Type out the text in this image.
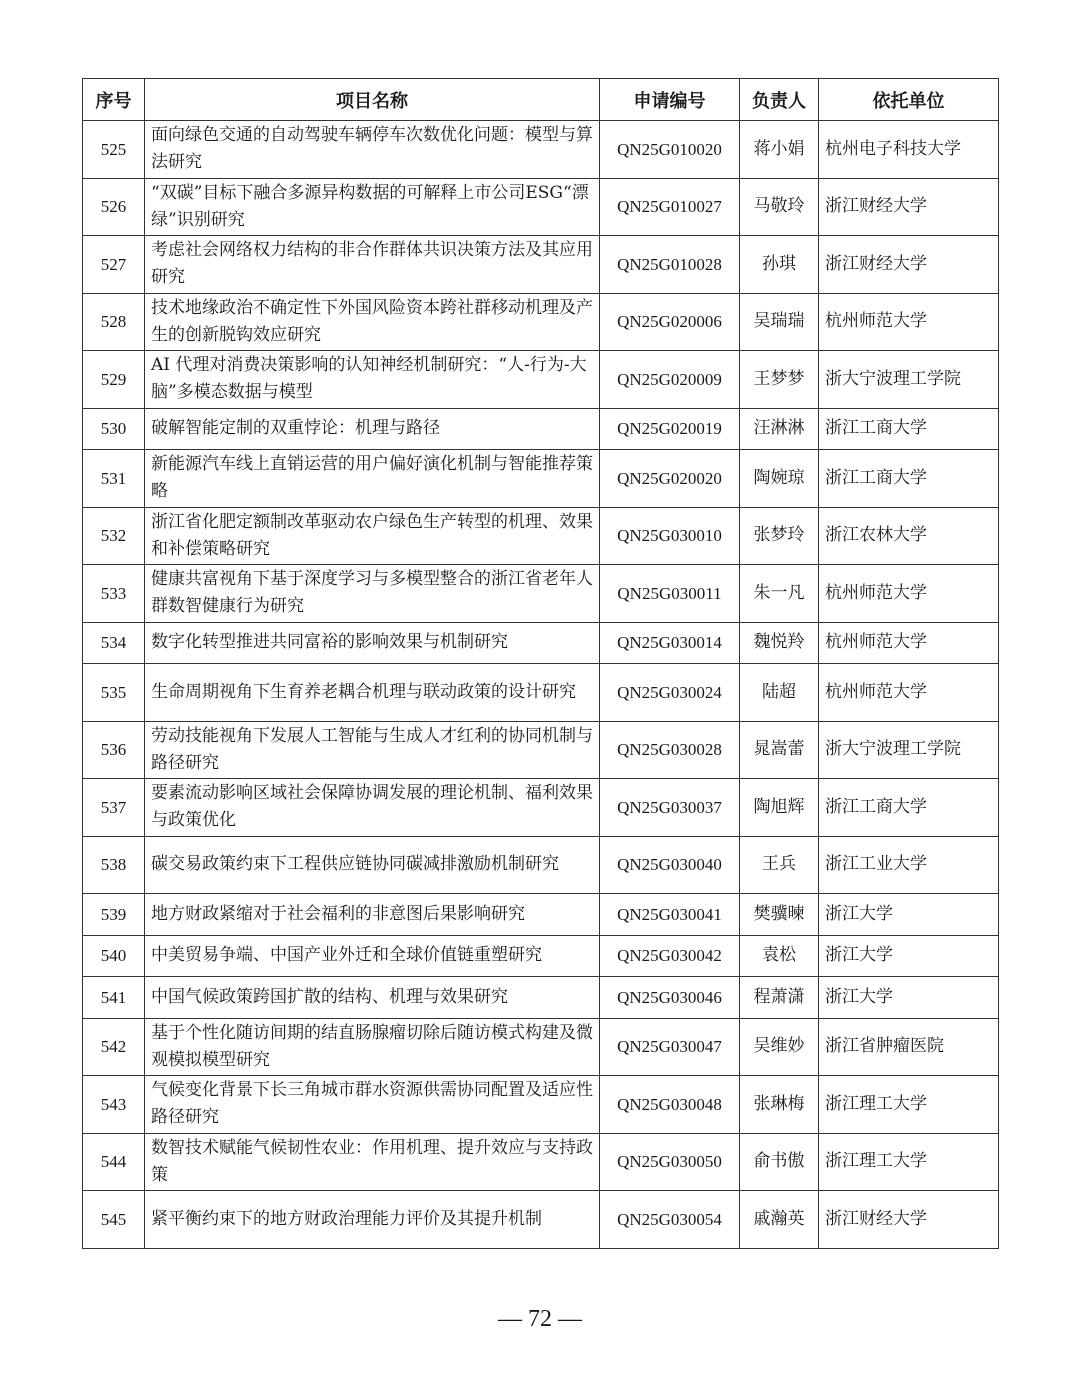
序号	项目名称	申请编号	负责人	依托单位
525	面向绿色交通的自动驾驶车辆停车次数优化问题：模型与算法研究	QN25G010020	蒋小娟	杭州电子科技大学
526	“双碳”目标下融合多源异构数据的可解释上市公司ESG“漂绿”识别研究	QN25G010027	马敬玲	浙江财经大学
527	考虑社会网络权力结构的非合作群体共识决策方法及其应用研究	QN25G010028	孙琪	浙江财经大学
528	技术地缘政治不确定性下外国风险资本跨社群移动机理及产生的创新脱钩效应研究	QN25G020006	吴瑞瑞	杭州师范大学
529	AI 代理对消费决策影响的认知神经机制研究：“人-行为-大脑”多模态数据与模型	QN25G020009	王梦梦	浙大宁波理工学院
530	破解智能定制的双重悖论：机理与路径	QN25G020019	汪淋淋	浙江工商大学
531	新能源汽车线上直销运营的用户偏好演化机制与智能推荐策略	QN25G020020	陶婉琼	浙江工商大学
532	浙江省化肥定额制改革驱动农户绿色生产转型的机理、效果和补偿策略研究	QN25G030010	张梦玲	浙江农林大学
533	健康共富视角下基于深度学习与多模型整合的浙江省老年人群数智健康行为研究	QN25G030011	朱一凡	杭州师范大学
534	数字化转型推进共同富裕的影响效果与机制研究	QN25G030014	魏悦羚	杭州师范大学
535	生命周期视角下生育养老耦合机理与联动政策的设计研究	QN25G030024	陆超	杭州师范大学
536	劳动技能视角下发展人工智能与生成人才红利的协同机制与路径研究	QN25G030028	晁嵩蕾	浙大宁波理工学院
537	要素流动影响区域社会保障协调发展的理论机制、福利效果与政策优化	QN25G030037	陶旭辉	浙江工商大学
538	碳交易政策约束下工程供应链协同碳减排激励机制研究	QN25G030040	王兵	浙江工业大学
539	地方财政紧缩对于社会福利的非意图后果影响研究	QN25G030041	樊骥暕	浙江大学
540	中美贸易争端、中国产业外迁和全球价值链重塑研究	QN25G030042	袁松	浙江大学
541	中国气候政策跨国扩散的结构、机理与效果研究	QN25G030046	程萧潇	浙江大学
542	基于个性化随访间期的结直肠腺瘤切除后随访模式构建及微观模拟模型研究	QN25G030047	吴维妙	浙江省肿瘤医院
543	气候变化背景下长三角城市群水资源供需协同配置及适应性路径研究	QN25G030048	张琳梅	浙江理工大学
544	数智技术赋能气候韧性农业：作用机理、提升效应与支持政策	QN25G030050	俞书傲	浙江理工大学
545	紧平衡约束下的地方财政治理能力评价及其提升机制	QN25G030054	戚瀚英	浙江财经大学
— 72 —
